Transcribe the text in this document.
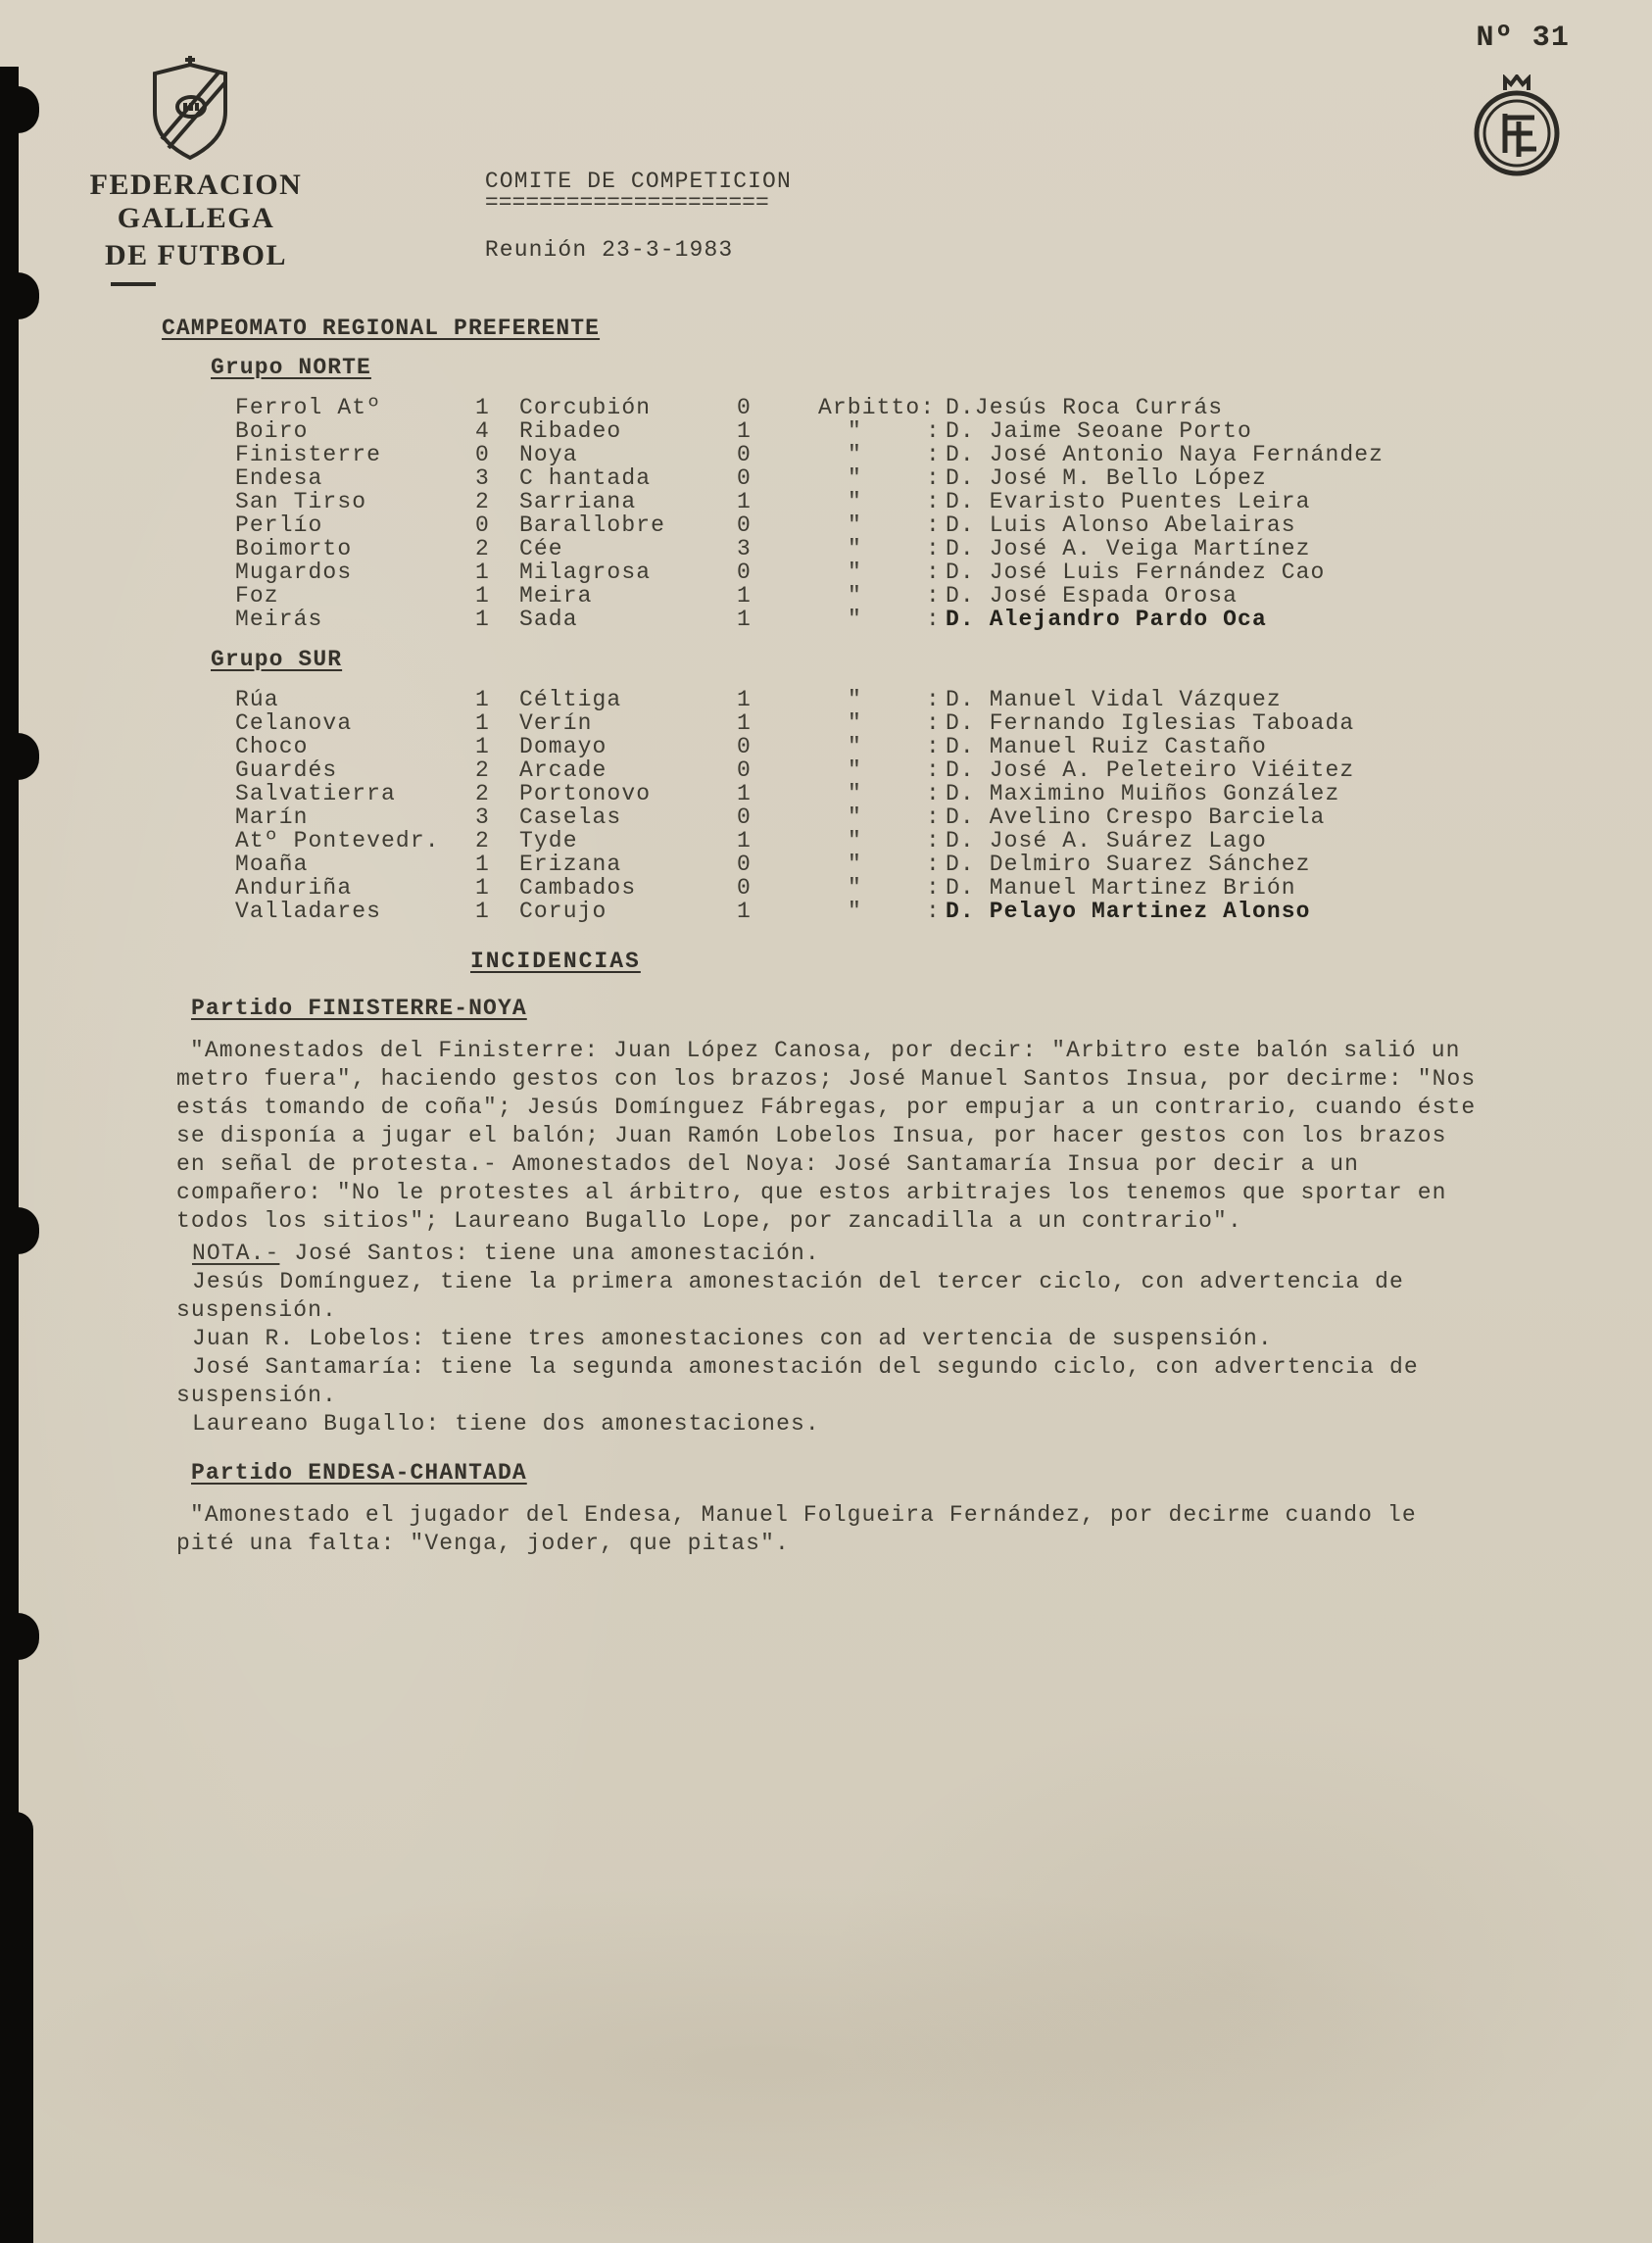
Nº 31
FEDERACION GALLEGA
DE FUTBOL

COMITE DE COMPETICION
=====================
Reunión 23-3-1983
CAMPEOMATO REGIONAL PREFERENTE
Grupo NORTE
Ferrol Atº	1	Corcubión	0	Arbitto: D.Jesús Roca Currás
Boiro	4	Ribadeo	1	"	: D. Jaime Seoane Porto
Finisterre	0	Noya	0	"	: D. José Antonio Naya Fernández
Endesa	3	C hantada	0	"	: D. José M. Bello López
San Tirso	2	Sarriana	1	"	: D. Evaristo Puentes Leira
Perlío	0	Barallobre	0	"	: D. Luis Alonso Abelairas
Boimorto	2	Cée	3	"	: D. José A. Veiga Martínez
Mugardos	1	Milagrosa	0	"	: D. José Luis Fernández Cao
Foz	1	Meira	1	"	: D. José Espada Orosa
Meirás	1	Sada	1	"	: D. Alejandro Pardo Oca
Grupo SUR
Rúa	1	Céltiga	1	"	: D. Manuel Vidal Vázquez
Celanova	1	Verín	1	"	: D. Fernando Iglesias Taboada
Choco	1	Domayo	0	"	: D. Manuel Ruiz Castaño
Guardés	2	Arcade	0	"	: D. José A. Peleteiro Viéitez
Salvatierra	2	Portonovo	1	"	: D. Maximino Muiños González
Marín	3	Caselas	0	"	: D. Avelino Crespo Barciela
Atº Pontevedr.	2	Tyde	1	"	: D. José A. Suárez Lago
Moaña	1	Erizana	0	"	: D. Delmiro Suarez Sánchez
Anduriña	1	Cambados	0	"	: D. Manuel Martinez Brión
Valladares	1	Corujo	1	"	: D. Pelayo Martinez Alonso
INCIDENCIAS
Partido FINISTERRE-NOYA

"Amonestados del Finisterre: Juan López Canosa, por decir: "Arbitro este balón salió un metro fuera", haciendo gestos con los brazos; José Manuel Santos Insua, por decirme: "Nos estás tomando de coña"; Jesús Domínguez Fábregas, por empujar a un contrario, cuando éste se disponía a jugar el balón; Juan Ramón Lobelos Insua, por hacer gestos con los brazos en señal de protesta.- Amonestados del Noya: José Santamaría Insua por decir a un compañero: "No le protestes al árbitro, que estos arbitrajes los tenemos que sportar en todos los sitios"; Laureano Bugallo Lope, por zancadilla a un contrario".

NOTA.- José Santos: tiene una amonestación.

Jesús Domínguez, tiene la primera amonestación del tercer ciclo, con advertencia de suspensión.

Juan R. Lobelos: tiene tres amonestaciones con ad vertencia de suspensión.

José Santamaría: tiene la segunda amonestación del segundo ciclo, con advertencia de suspensión.

Laureano Bugallo: tiene dos amonestaciones.

Partido ENDESA-CHANTADA

"Amonestado el jugador del Endesa, Manuel Folgueira Fernández, por decirme cuando le pité una falta: "Venga, joder, que pitas".
